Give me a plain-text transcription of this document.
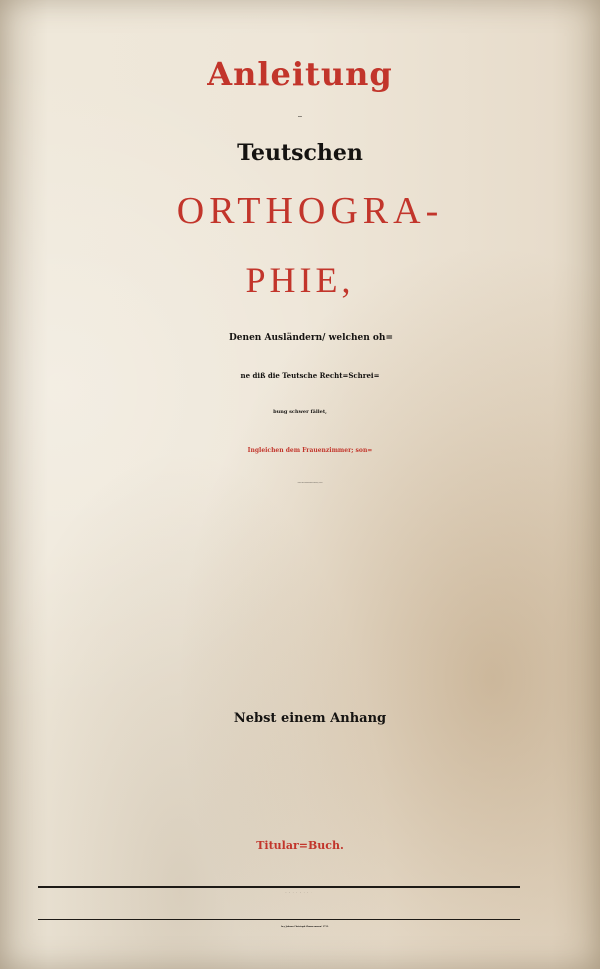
Anleitung
zur
Teutschen
ORTHOGRA-
PHIE,
Denen Ausländern/ welchen oh=
ne diß die Teutsche Recht=Schrei=
bung schwer fället,
Ingleichen dem Frauenzimmer; son=
derlich aber denenjenigen Personen, so sich
Nebst einem Anhang
Titular=Buch.
DRESDEN/
bey Johann Christoph Zimmermann/ 1713.
